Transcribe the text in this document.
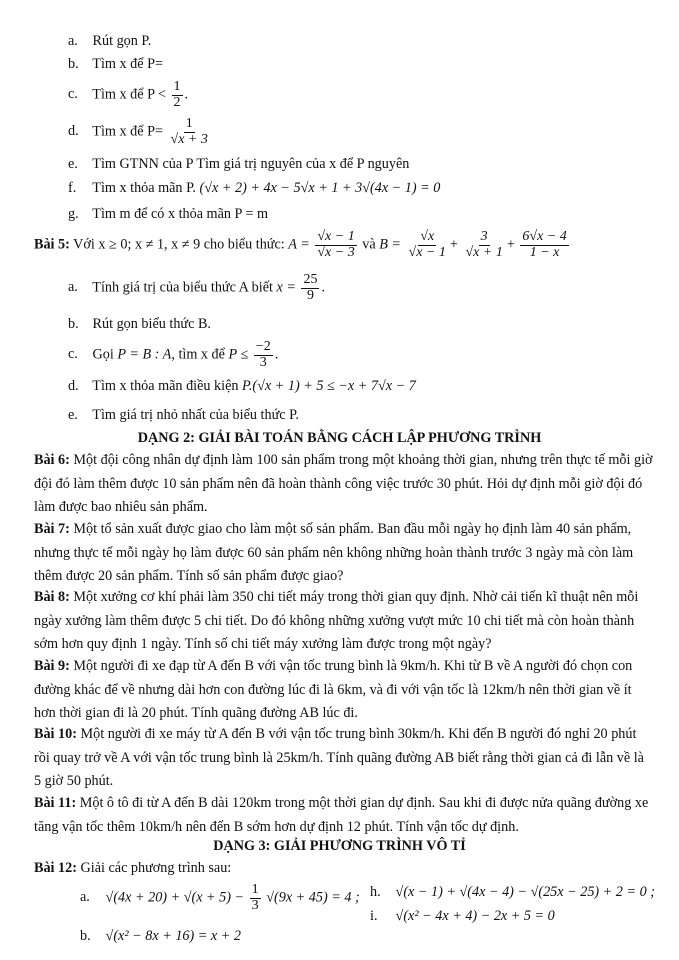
a. Rút gọn P.
b. Tìm x để P=
c. Tìm x để $P < \frac{1}{2}$ .
d. Tìm x để $P= \frac{1}{√x + 3}$
e. Tìm GTNN của P Tìm giá trị nguyên của x để P nguyên
f. Tìm x thỏa mãn P. (√x + 2) + 4x − 5√x + 1 + 3√(4x − 1) = 0
g. Tìm m để có x thỏa mãn P = m
Bài 5: Với x ≥ 0; x ≠ 1, x ≠ 9 cho biểu thức: $A = \frac{√x - 1}{√x - 3}$ và $B = \frac{√x}{√x - 1} + \frac{3}{√x + 1} + \frac{6√x - 4}{1 - x}$
a. Tính giá trị của biểu thức A biết $x = \frac{25}{9}$ .
b. Rút gọn biểu thức B.
c. Gọi P = B : A, tìm x để $P \le \frac{-2}{3}$ .
d. Tìm x thỏa mãn điều kiện P.(√x + 1) + 5 ≤ −x + 7√x − 7
e. Tìm giá trị nhỏ nhất của biểu thức P.
DẠNG 2: GIẢI BÀI TOÁN BẰNG CÁCH LẬP PHƯƠNG TRÌNH
Bài 6: Một đội công nhân dự định làm 100 sản phẩm trong một khoảng thời gian, nhưng trên thực tế mỗi giờ đội đó làm thêm được 10 sản phẩm nên đã hoàn thành công việc trước 30 phút. Hỏi dự định mỗi giờ đội đó làm được bao nhiêu sản phẩm.
Bài 7: Một tổ sản xuất được giao cho làm một số sản phẩm. Ban đầu mỗi ngày họ định làm 40 sản phẩm, nhưng thực tế mỗi ngày họ làm được 60 sản phẩm nên không những hoàn thành trước 3 ngày mà còn làm thêm được 20 sản phẩm. Tính số sản phẩm được giao?
Bài 8: Một xưởng cơ khí phải làm 350 chi tiết máy trong thời gian quy định. Nhờ cải tiến kĩ thuật nên mỗi ngày xưởng làm thêm được 5 chi tiết. Do đó không những xưởng vượt mức 10 chi tiết mà còn hoàn thành sớm hơn quy định 1 ngày. Tính số chi tiết máy xưởng làm được trong một ngày?
Bài 9: Một người đi xe đạp từ A đến B với vận tốc trung bình là 9km/h. Khi từ B về A người đó chọn con đường khác để về nhưng dài hơn con đường lúc đi là 6km, và đi với vận tốc là 12km/h nên thời gian về ít hơn thời gian đi là 20 phút. Tính quãng đường AB lúc đi.
Bài 10: Một người đi xe máy từ A đến B với vận tốc trung bình 30km/h. Khi đến B người đó nghỉ 20 phút rồi quay trở về A với vận tốc trung bình là 25km/h. Tính quãng đường AB biết rằng thời gian cả đi lẫn về là 5 giờ 50 phút.
Bài 11: Một ô tô đi từ A đến B dài 120km trong một thời gian dự định. Sau khi đi được nửa quãng đường xe tăng vận tốc thêm 10km/h nên đến B sớm hơn dự định 12 phút. Tính vận tốc dự định.
DẠNG 3: GIẢI PHƯƠNG TRÌNH VÔ TỈ
Bài 12: Giải các phương trình sau:
a. $√(4x + 20) + √(x + 5) - \frac{1}{3} √(9x + 45) = 4$ ;
b. √(x² − 8x + 16) = x + 2
h. √(x − 1) + √(4x − 4) − √(25x − 25) + 2 = 0 ;
i. √(x² − 4x + 4) − 2x + 5 = 0
